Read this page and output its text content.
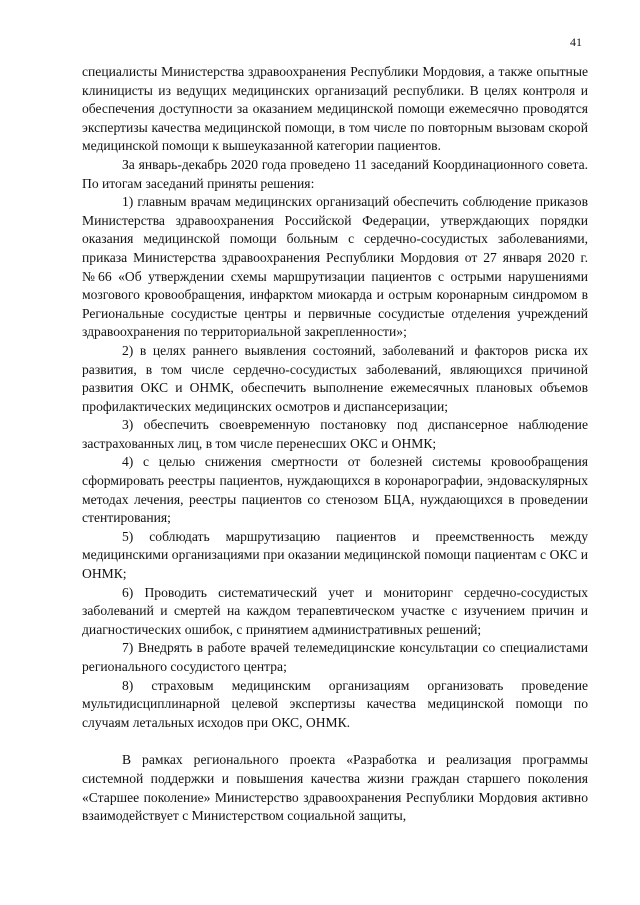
41

специалисты Министерства здравоохранения Республики Мордовия, а также опытные клиницисты из ведущих медицинских организаций республики. В целях контроля и обеспечения доступности за оказанием медицинской помощи ежемесячно проводятся экспертизы качества медицинской помощи, в том числе по повторным вызовам скорой медицинской помощи к вышеуказанной категории пациентов.

За январь-декабрь 2020 года проведено 11 заседаний Координационного совета. По итогам заседаний приняты решения:

1) главным врачам медицинских организаций обеспечить соблюдение приказов Министерства здравоохранения Российской Федерации, утверждающих порядки оказания медицинской помощи больным с сердечно-сосудистых заболеваниями, приказа Министерства здравоохранения Республики Мордовия от 27 января 2020 г. №66 «Об утверждении схемы маршрутизации пациентов с острыми нарушениями мозгового кровообращения, инфарктом миокарда и острым коронарным синдромом в Региональные сосудистые центры и первичные сосудистые отделения учреждений здравоохранения по территориальной закрепленности»;

2) в целях раннего выявления состояний, заболеваний и факторов риска их развития, в том числе сердечно-сосудистых заболеваний, являющихся причиной развития ОКС и ОНМК, обеспечить выполнение ежемесячных плановых объемов профилактических медицинских осмотров и диспансеризации;

3) обеспечить своевременную постановку под диспансерное наблюдение застрахованных лиц, в том числе перенесших ОКС и ОНМК;

4) с целью снижения смертности от болезней системы кровообращения сформировать реестры пациентов, нуждающихся в коронарографии, эндоваскулярных методах лечения, реестры пациентов со стенозом БЦА, нуждающихся в проведении стентирования;

5) соблюдать маршрутизацию пациентов и преемственность между медицинскими организациями при оказании медицинской помощи пациентам с ОКС и ОНМК;

6) Проводить систематический учет и мониторинг сердечно-сосудистых заболеваний и смертей на каждом терапевтическом участке с изучением причин и диагностических ошибок, с принятием административных решений;

7) Внедрять в работе врачей телемедицинские консультации со специалистами регионального сосудистого центра;

8) страховым медицинским организациям организовать проведение мультидисциплинарной целевой экспертизы качества медицинской помощи по случаям летальных исходов при ОКС, ОНМК.

В рамках регионального проекта «Разработка и реализация программы системной поддержки и повышения качества жизни граждан старшего поколения «Старшее поколение» Министерство здравоохранения Республики Мордовия активно взаимодействует с Министерством социальной защиты,
